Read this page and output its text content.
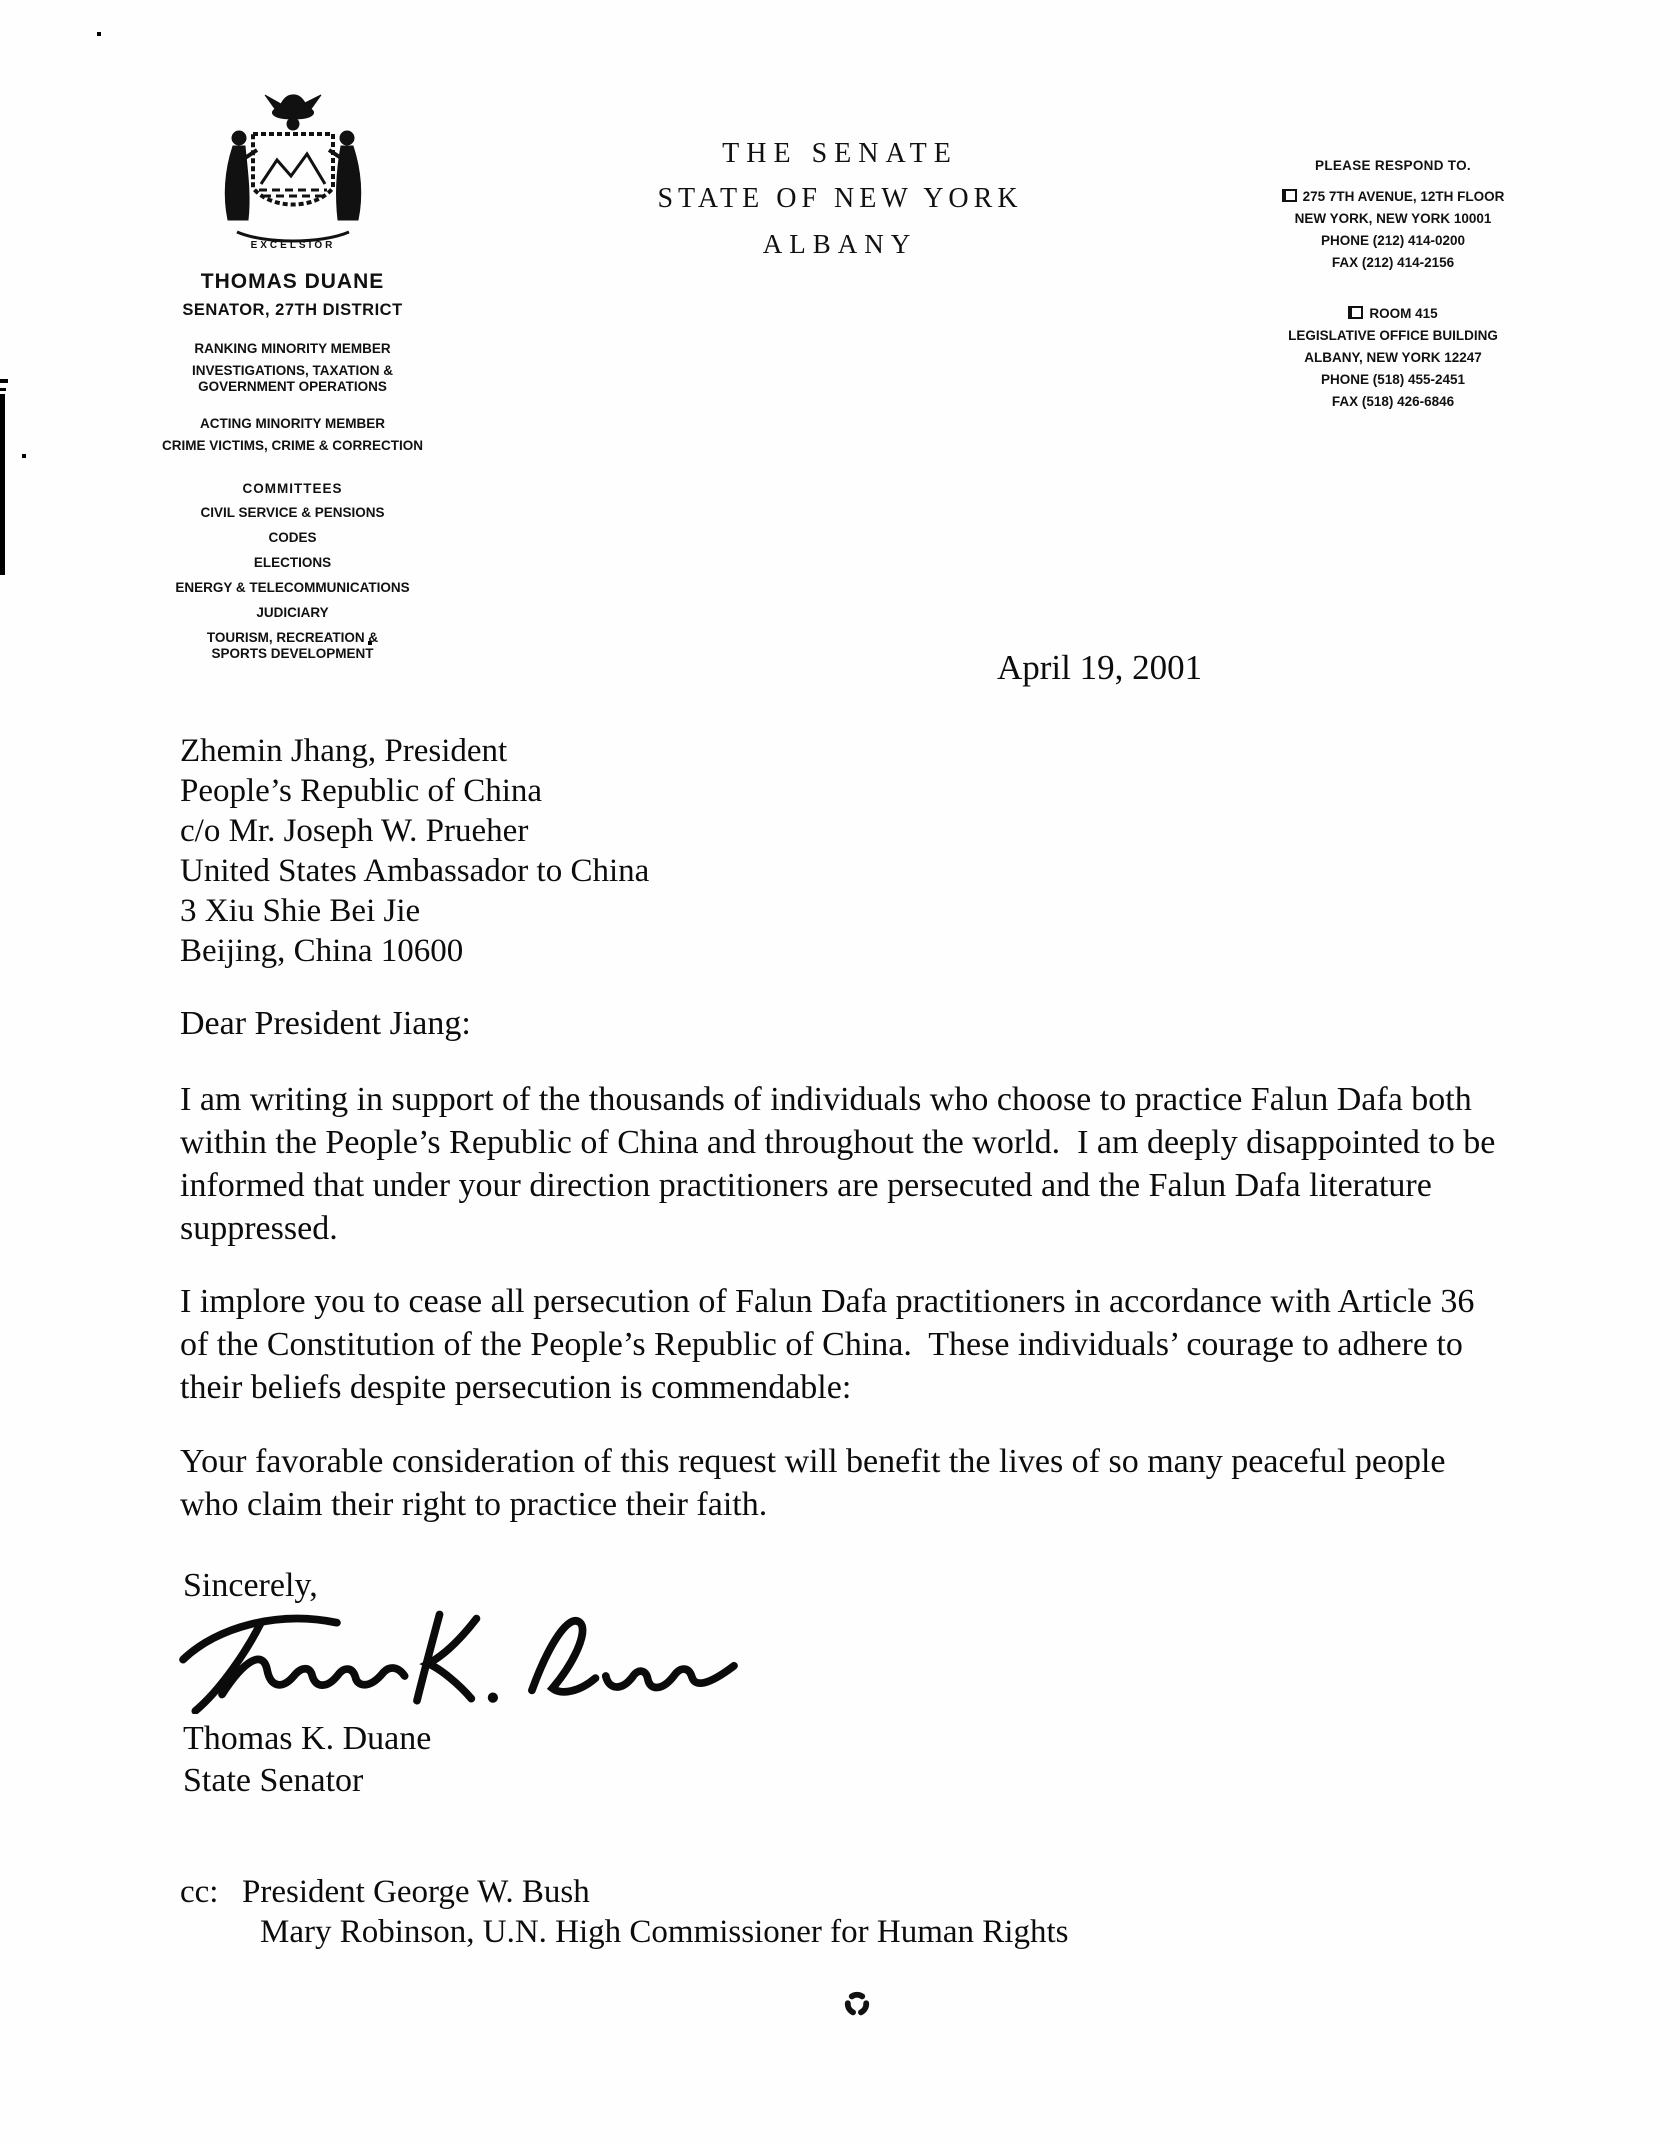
EXCELSIOR
THOMAS DUANE
SENATOR, 27TH DISTRICT
RANKING MINORITY MEMBER
INVESTIGATIONS, TAXATION &
GOVERNMENT OPERATIONS
ACTING MINORITY MEMBER
CRIME VICTIMS, CRIME & CORRECTION
COMMITTEES
CIVIL SERVICE & PENSIONS
CODES
ELECTIONS
ENERGY & TELECOMMUNICATIONS
JUDICIARY
TOURISM, RECREATION & SPORTS DEVELOPMENT
THE SENATE
STATE OF NEW YORK
ALBANY
PLEASE RESPOND TO.
275 7TH AVENUE, 12TH FLOOR
NEW YORK, NEW YORK 10001
PHONE (212) 414-0200
FAX (212) 414-2156
ROOM 415
LEGISLATIVE OFFICE BUILDING
ALBANY, NEW YORK 12247
PHONE (518) 455-2451
FAX (518) 426-6846
April 19, 2001
Zhemin Jhang, President
People’s Republic of China
c/o Mr. Joseph W. Prueher
United States Ambassador to China
3 Xiu Shie Bei Jie
Beijing, China 10600
Dear President Jiang:
I am writing in support of the thousands of individuals who choose to practice Falun Dafa both within the People’s Republic of China and throughout the world.  I am deeply disappointed to be informed that under your direction practitioners are persecuted and the Falun Dafa literature suppressed.
I implore you to cease all persecution of Falun Dafa practitioners in accordance with Article 36 of the Constitution of the People’s Republic of China.  These individuals’ courage to adhere to their beliefs despite persecution is commendable:
Your favorable consideration of this request will benefit the lives of so many peaceful people who claim their right to practice their faith.
Sincerely,
Thomas K. Duane
State Senator
cc: President George W. Bush
Mary Robinson, U.N. High Commissioner for Human Rights
